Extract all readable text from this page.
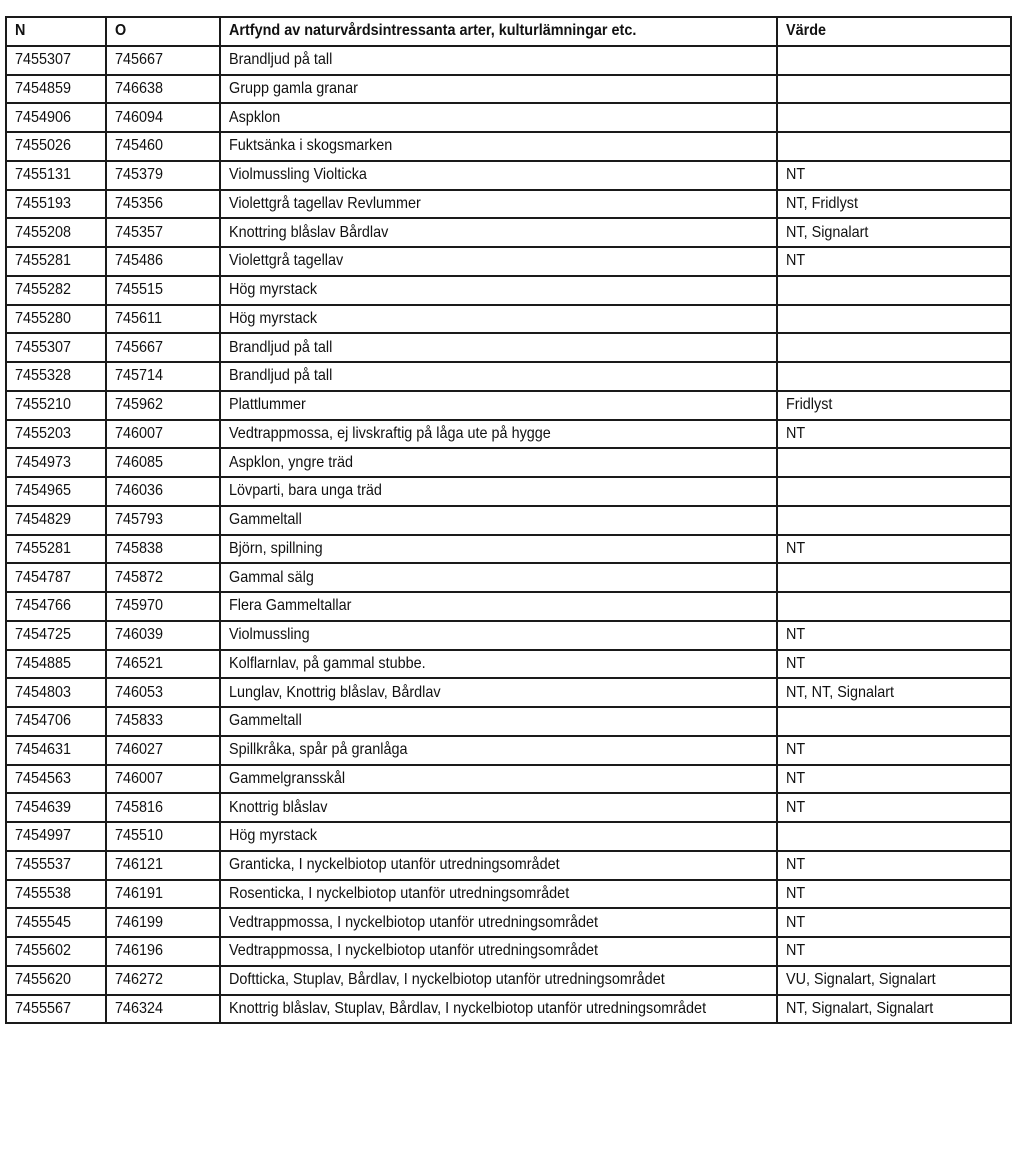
N	O	Artfynd av naturvårdsintressanta arter, kulturlämningar etc.	Värde
7455307	745667	Brandljud på tall	
7454859	746638	Grupp gamla granar	
7454906	746094	Aspklon	
7455026	745460	Fuktsänka i skogsmarken	
7455131	745379	Violmussling Violticka	NT
7455193	745356	Violettgrå tagellav Revlummer	NT, Fridlyst
7455208	745357	Knottring blåslav Bårdlav	NT, Signalart
7455281	745486	Violettgrå tagellav	NT
7455282	745515	Hög myrstack	
7455280	745611	Hög myrstack	
7455307	745667	Brandljud på tall	
7455328	745714	Brandljud på tall	
7455210	745962	Plattlummer	Fridlyst
7455203	746007	Vedtrappmossa, ej livskraftig på låga ute på hygge	NT
7454973	746085	Aspklon, yngre träd	
7454965	746036	Lövparti, bara unga träd	
7454829	745793	Gammeltall	
7455281	745838	Björn, spillning	NT
7454787	745872	Gammal sälg	
7454766	745970	Flera Gammeltallar	
7454725	746039	Violmussling	NT
7454885	746521	Kolflarnlav, på gammal stubbe.	NT
7454803	746053	Lunglav, Knottrig blåslav, Bårdlav	NT, NT, Signalart
7454706	745833	Gammeltall	
7454631	746027	Spillkråka, spår på granlåga	NT
7454563	746007	Gammelgransskål	NT
7454639	745816	Knottrig blåslav	NT
7454997	745510	Hög myrstack	
7455537	746121	Granticka, I nyckelbiotop utanför utredningsområdet	NT
7455538	746191	Rosenticka, I nyckelbiotop utanför utredningsområdet	NT
7455545	746199	Vedtrappmossa, I nyckelbiotop utanför utredningsområdet	NT
7455602	746196	Vedtrappmossa, I nyckelbiotop utanför utredningsområdet	NT
7455620	746272	Doftticka, Stuplav, Bårdlav, I nyckelbiotop utanför utredningsområdet	VU, Signalart, Signalart
7455567	746324	Knottrig blåslav, Stuplav, Bårdlav, I nyckelbiotop utanför utredningsområdet	NT, Signalart, Signalart
